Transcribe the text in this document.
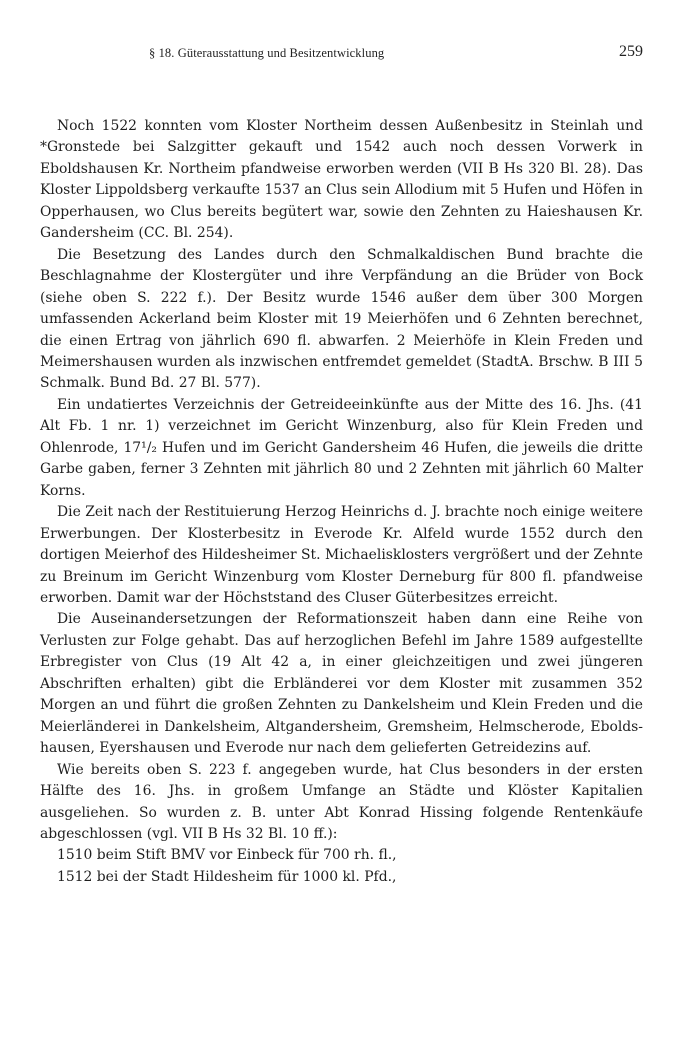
§ 18. Güterausstattung und Besitzentwicklung	259

Noch 1522 konnten vom Kloster Northeim dessen Außenbesitz in Steinlah und *Gronstede bei Salzgitter gekauft und 1542 auch noch dessen Vorwerk in Eboldshausen Kr. Northeim pfandweise erworben werden (VII B Hs 320 Bl. 28). Das Kloster Lippoldsberg verkaufte 1537 an Clus sein Allodium mit 5 Hufen und Höfen in Opperhausen, wo Clus bereits begütert war, sowie den Zehnten zu Haieshausen Kr. Gandersheim (CC. Bl. 254).

Die Besetzung des Landes durch den Schmalkaldischen Bund brachte die Beschlagnahme der Klostergüter und ihre Verpfändung an die Brüder von Bock (siehe oben S. 222 f.). Der Besitz wurde 1546 außer dem über 300 Morgen umfassenden Ackerland beim Kloster mit 19 Meierhöfen und 6 Zehnten berechnet, die einen Ertrag von jährlich 690 fl. abwarfen. 2 Meierhöfe in Klein Freden und Meimershausen wurden als inzwischen entfremdet gemeldet (StadtA. Brschw. B III 5 Schmalk. Bund Bd. 27 Bl. 577).

Ein undatiertes Verzeichnis der Getreideeinkünfte aus der Mitte des 16. Jhs. (41 Alt Fb. 1 nr. 1) verzeichnet im Gericht Winzenburg, also für Klein Freden und Ohlenrode, 17¹/₂ Hufen und im Gericht Gandersheim 46 Hufen, die jeweils die dritte Garbe gaben, ferner 3 Zehnten mit jährlich 80 und 2 Zehnten mit jährlich 60 Malter Korns.

Die Zeit nach der Restituierung Herzog Heinrichs d. J. brachte noch einige weitere Erwerbungen. Der Klosterbesitz in Everode Kr. Alfeld wurde 1552 durch den dortigen Meierhof des Hildesheimer St. Michaelisklosters vergrößert und der Zehnte zu Breinum im Gericht Winzenburg vom Kloster Derneburg für 800 fl. pfandweise erworben. Damit war der Höchststand des Cluser Güterbesitzes erreicht.

Die Auseinandersetzungen der Reformationszeit haben dann eine Reihe von Verlusten zur Folge gehabt. Das auf herzoglichen Befehl im Jahre 1589 aufgestellte Erbregister von Clus (19 Alt 42 a, in einer gleichzeitigen und zwei jüngeren Abschriften erhalten) gibt die Erbländerei vor dem Kloster mit zusammen 352 Morgen an und führt die großen Zehnten zu Dankelsheim und Klein Freden und die Meierländerei in Dankelsheim, Altgandersheim, Gremsheim, Helmscherode, Eboldshausen, Eyershausen und Everode nur nach dem gelieferten Getreidezins auf.

Wie bereits oben S. 223 f. angegeben wurde, hat Clus besonders in der ersten Hälfte des 16. Jhs. in großem Umfange an Städte und Klöster Kapitalien ausgeliehen. So wurden z. B. unter Abt Konrad Hissing folgende Rentenkäufe abgeschlossen (vgl. VII B Hs 32 Bl. 10 ff.):

1510 beim Stift BMV vor Einbeck für 700 rh. fl.,

1512 bei der Stadt Hildesheim für 1000 kl. Pfd.,
